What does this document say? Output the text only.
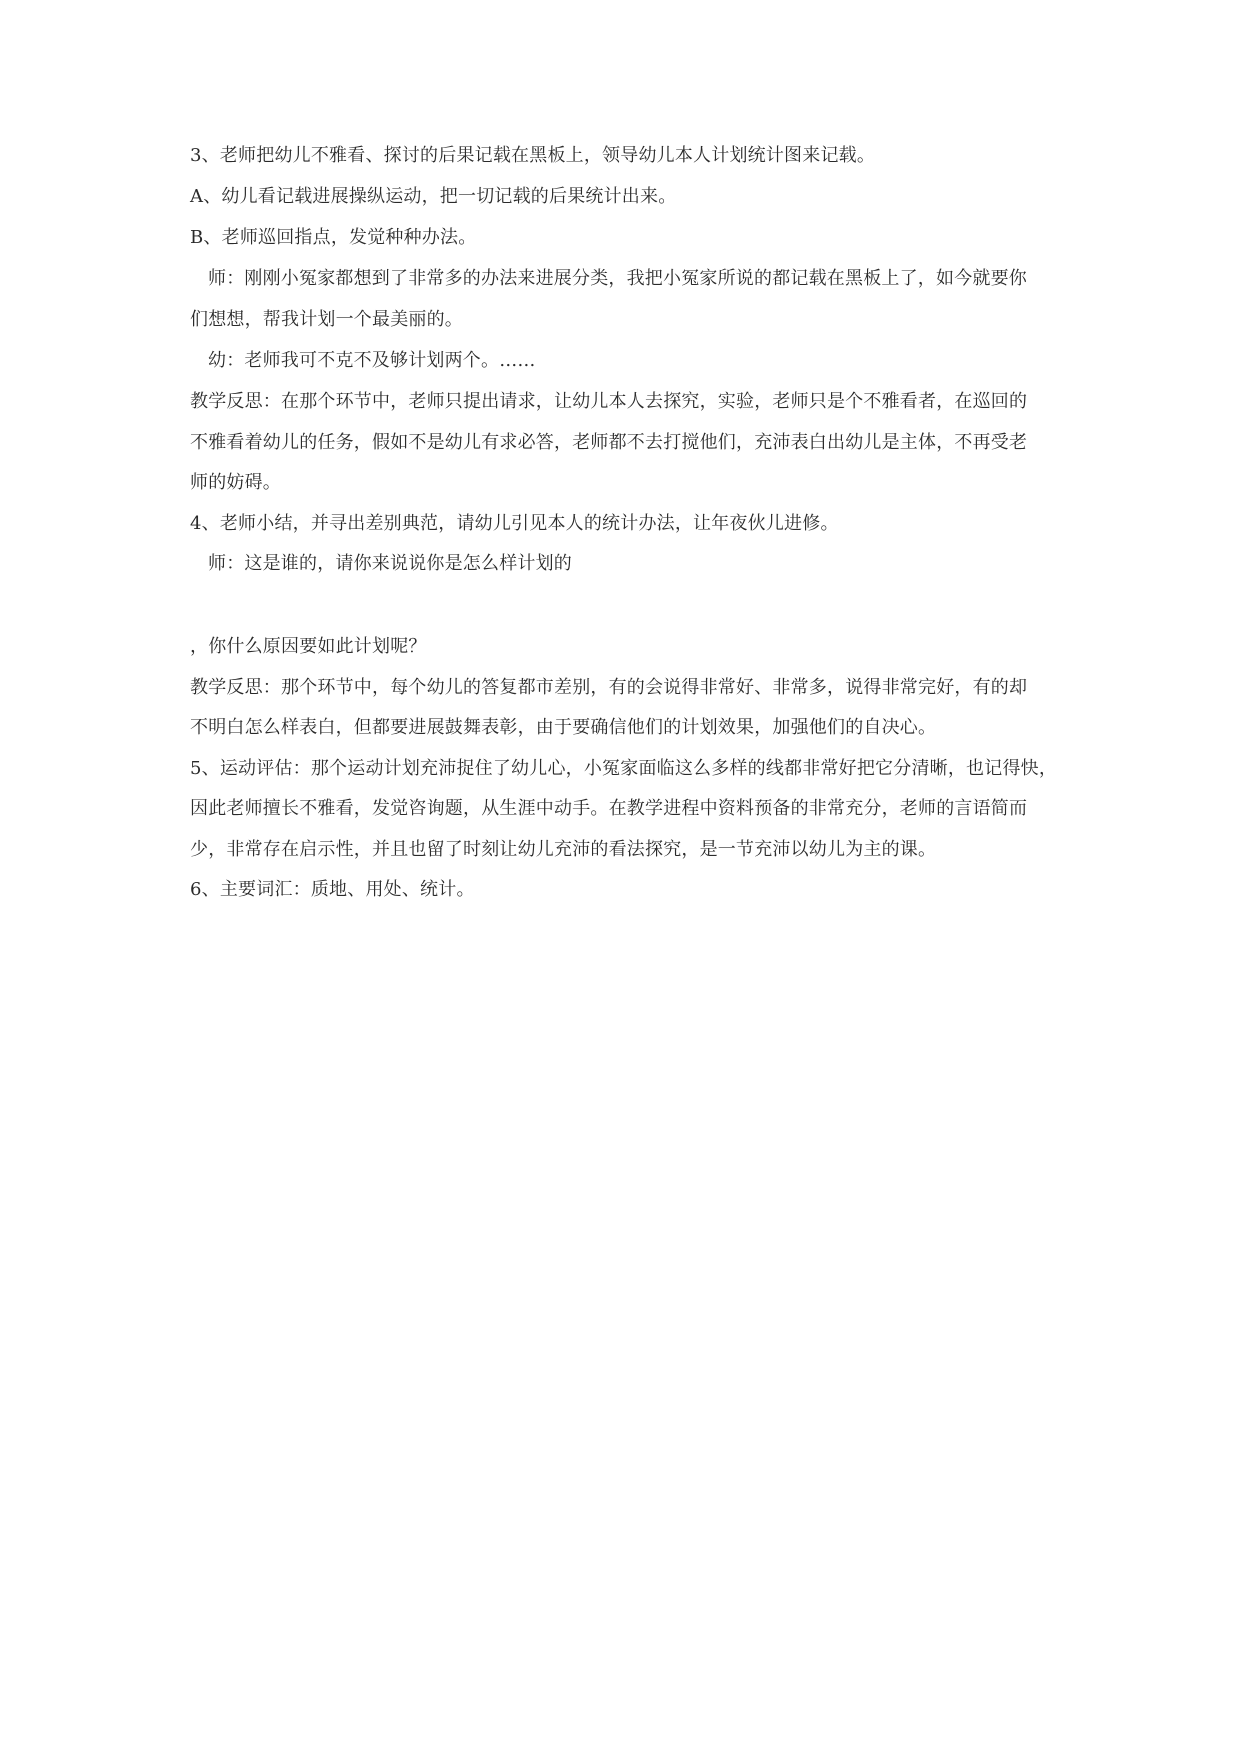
3、老师把幼儿不雅看、探讨的后果记载在黑板上，领导幼儿本人计划统计图来记载。
A、幼儿看记载进展操纵运动，把一切记载的后果统计出来。
B、老师巡回指点，发觉种种办法。
师：刚刚小冤家都想到了非常多的办法来进展分类，我把小冤家所说的都记载在黑板上了，如今就要你
们想想，帮我计划一个最美丽的。
幼：老师我可不克不及够计划两个。……
教学反思：在那个环节中，老师只提出请求，让幼儿本人去探究，实验，老师只是个不雅看者，在巡回的
不雅看着幼儿的任务，假如不是幼儿有求必答，老师都不去打搅他们，充沛表白出幼儿是主体，不再受老
师的妨碍。
4、老师小结，并寻出差别典范，请幼儿引见本人的统计办法，让年夜伙儿进修。
师：这是谁的，请你来说说你是怎么样计划的
，你什么原因要如此计划呢？
教学反思：那个环节中，每个幼儿的答复都市差别，有的会说得非常好、非常多，说得非常完好，有的却
不明白怎么样表白，但都要进展鼓舞表彰，由于要确信他们的计划效果，加强他们的自决心。
5、运动评估：那个运动计划充沛捉住了幼儿心，小冤家面临这么多样的线都非常好把它分清晰，也记得快，
因此老师擅长不雅看，发觉咨询题，从生涯中动手。在教学进程中资料预备的非常充分，老师的言语简而
少，非常存在启示性，并且也留了时刻让幼儿充沛的看法探究，是一节充沛以幼儿为主的课。
6、主要词汇：质地、用处、统计。
